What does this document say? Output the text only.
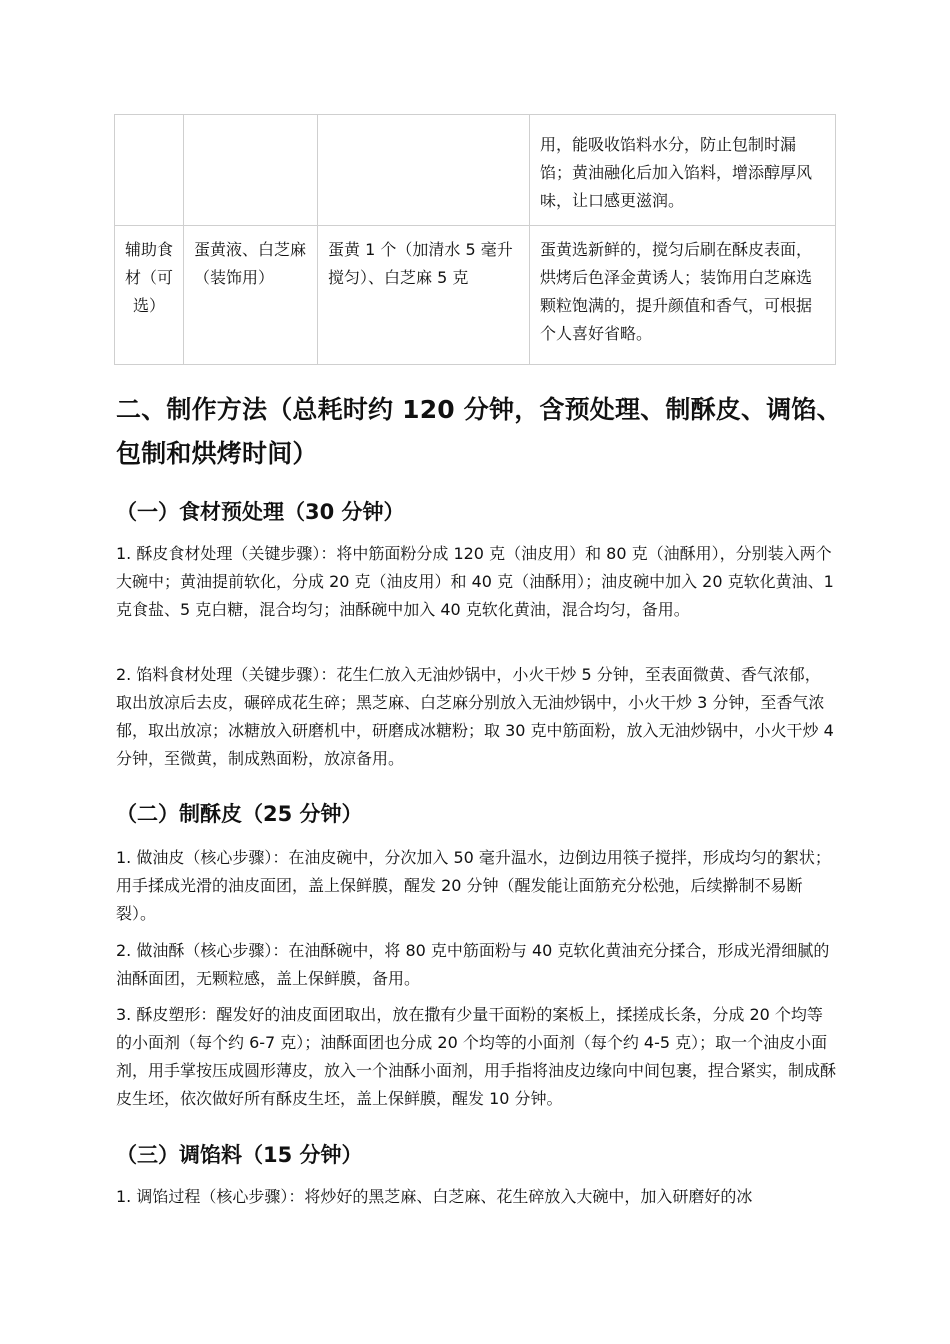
			用，能吸收馅料水分，防止包制时漏馅；黄油融化后加入馅料，增添醇厚风味，让口感更滋润。
辅助食材（可选）	蛋黄液、白芝麻（装饰用）	蛋黄 1 个（加清水 5 毫升搅匀）、白芝麻 5 克	蛋黄选新鲜的，搅匀后刷在酥皮表面，烘烤后色泽金黄诱人；装饰用白芝麻选颗粒饱满的，提升颜值和香气，可根据个人喜好省略。
二、制作方法（总耗时约 120 分钟，含预处理、制酥皮、调馅、包制和烘烤时间）
（一）食材预处理（30 分钟）

1. 酥皮食材处理（关键步骤）：将中筋面粉分成 120 克（油皮用）和 80 克（油酥用），分别装入两个大碗中；黄油提前软化，分成 20 克（油皮用）和 40 克（油酥用）；油皮碗中加入 20 克软化黄油、1 克食盐、5 克白糖，混合均匀；油酥碗中加入 40 克软化黄油，混合均匀，备用。

2. 馅料食材处理（关键步骤）：花生仁放入无油炒锅中，小火干炒 5 分钟，至表面微黄、香气浓郁，取出放凉后去皮，碾碎成花生碎；黑芝麻、白芝麻分别放入无油炒锅中，小火干炒 3 分钟，至香气浓郁，取出放凉；冰糖放入研磨机中，研磨成冰糖粉；取 30 克中筋面粉，放入无油炒锅中，小火干炒 4 分钟，至微黄，制成熟面粉，放凉备用。

（二）制酥皮（25 分钟）

1. 做油皮（核心步骤）：在油皮碗中，分次加入 50 毫升温水，边倒边用筷子搅拌，形成均匀的絮状；用手揉成光滑的油皮面团，盖上保鲜膜，醒发 20 分钟（醒发能让面筋充分松弛，后续擀制不易断裂）。

2. 做油酥（核心步骤）：在油酥碗中，将 80 克中筋面粉与 40 克软化黄油充分揉合，形成光滑细腻的油酥面团，无颗粒感，盖上保鲜膜，备用。

3. 酥皮塑形：醒发好的油皮面团取出，放在撒有少量干面粉的案板上，揉搓成长条，分成 20 个均等的小面剂（每个约 6-7 克）；油酥面团也分成 20 个均等的小面剂（每个约 4-5 克）；取一个油皮小面剂，用手掌按压成圆形薄皮，放入一个油酥小面剂，用手指将油皮边缘向中间包裹，捏合紧实，制成酥皮生坯，依次做好所有酥皮生坯，盖上保鲜膜，醒发 10 分钟。

（三）调馅料（15 分钟）

1. 调馅过程（核心步骤）：将炒好的黑芝麻、白芝麻、花生碎放入大碗中，加入研磨好的冰
